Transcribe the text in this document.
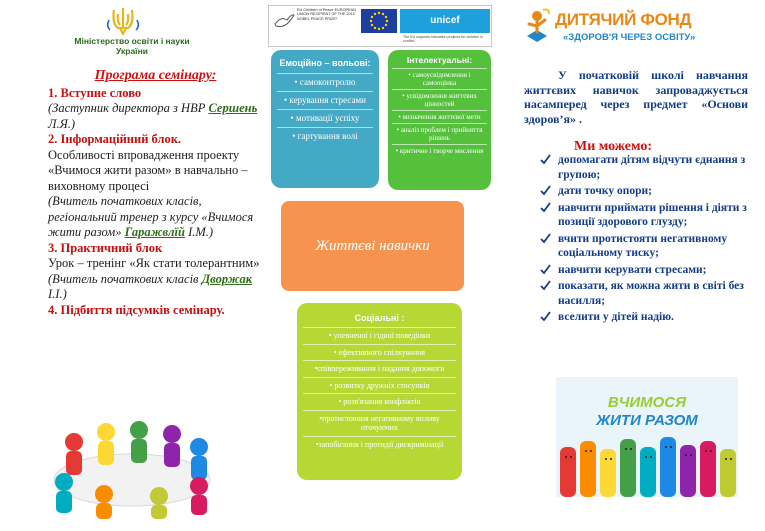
Міністерство освіти і науки України
Програма семінару:
1. Вступне слово
(Заступник директора з НВР Сершень Л.Я.)
2. Інформаційний блок.
Особливості впровадження проекту «Вчимося жити разом» в навчально – виховному процесі
(Вчитель початкових класів, регіональний тренер з курсу «Вчимося жити разом» Гаражвлїй І.М.)
3. Практичний блок
Урок – тренінг «Як стати толерантним»
(Вчитель початкових класів Дворжак І.І.)
4. Підбиття підсумків семінару.
EU Children of Peace EUROPEAN UNION RECIPIENT OF THE 2012 NOBEL PEACE PRIZE*	unicef
The EU supports education projects for children in conflict.
Емоційно – вольові:
• самоконтролю
• керування стресами
• мотивації успіху
• гартування волі
Інтелектуальні:
• самоусвідомлення і самооцінка
• усвідомлення життєвих цінностей
• визначення життєвої мети
• аналіз проблем і прийняття рішень
• критичне і творче мислення
Життєві навички
Соціальні :
• упевненої і гідної поведінки
• ефективного спілкування
•співпереживання і надання допомоги
• розвитку дружніх стосунків
• розв'язання конфліктів
•протистояння негативному впливу оточуючих
•запобігання і протидії дискримінації
ДИТЯЧИЙ ФОНД
«ЗДОРОВ'Я ЧЕРЕЗ ОСВІТУ»
У початковій школі навчання життєвих навичок запроваджується насамперед через предмет «Основи здоров’я» .
Ми можемо:
допомагати дітям відчути єднання з групою;
дати точку опори;
навчити приймати рішення і діяти з позиції здорового глузду;
вчити протистояти негативному соціальному тиску;
навчити керувати стресами;
показати, як можна жити в світі без насилля;
вселити у дітей надію.
ВЧИМОСЯ
ЖИТИ РАЗОМ
